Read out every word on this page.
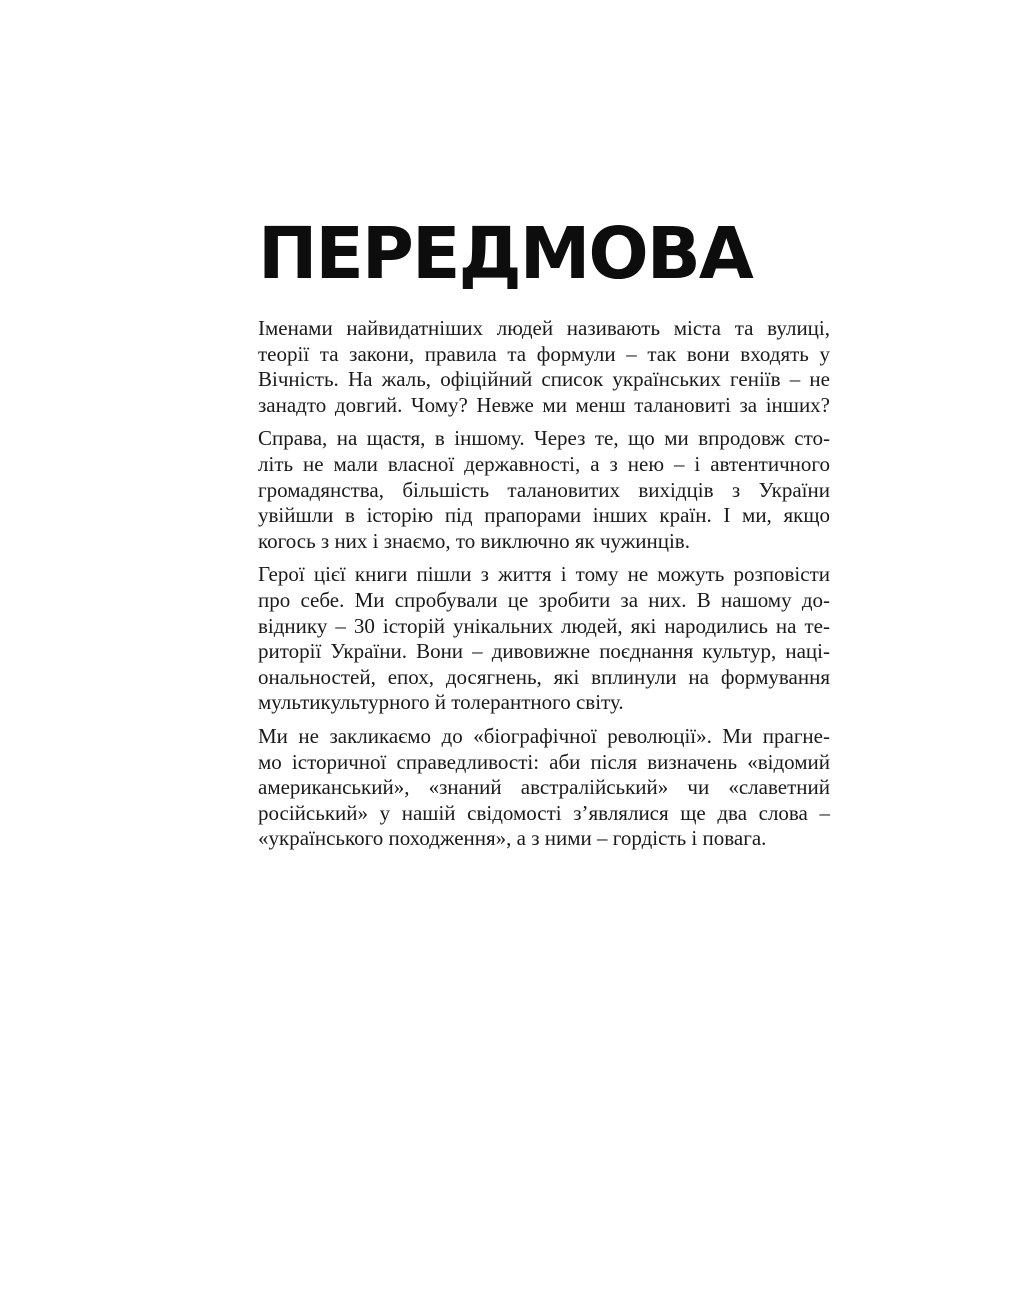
ПЕРЕДМОВА
Іменами найвидатніших людей називають міста та вулиці,
теорії та закони, правила та формули – так вони входять у
Вічність. На жаль, офіційний список українських геніїв – не
занадто довгий. Чому? Невже ми менш талановиті за інших?
Справа, на щастя, в іншому. Через те, що ми впродовж сто-
літь не мали власної державності, а з нею – і автентичного
громадянства, більшість талановитих вихідців з України
увійшли в історію під прапорами інших країн. І ми, якщо
когось з них і знаємо, то виключно як чужинців.
Герої цієї книги пішли з життя і тому не можуть розповісти
про себе. Ми спробували це зробити за них. В нашому до-
віднику – 30 історій унікальних людей, які народились на те-
риторії України. Вони – дивовижне поєднання культур, наці-
ональностей, епох, досягнень, які вплинули на формування
мультикультурного й толерантного світу.
Ми не закликаємо до «біографічної революції». Ми прагне-
мо історичної справедливості: аби після визначень «відомий
американський», «знаний австралійський» чи «славетний
російський» у нашій свідомості з’являлися ще два слова –
«українського походження», а з ними – гордість і повага.
